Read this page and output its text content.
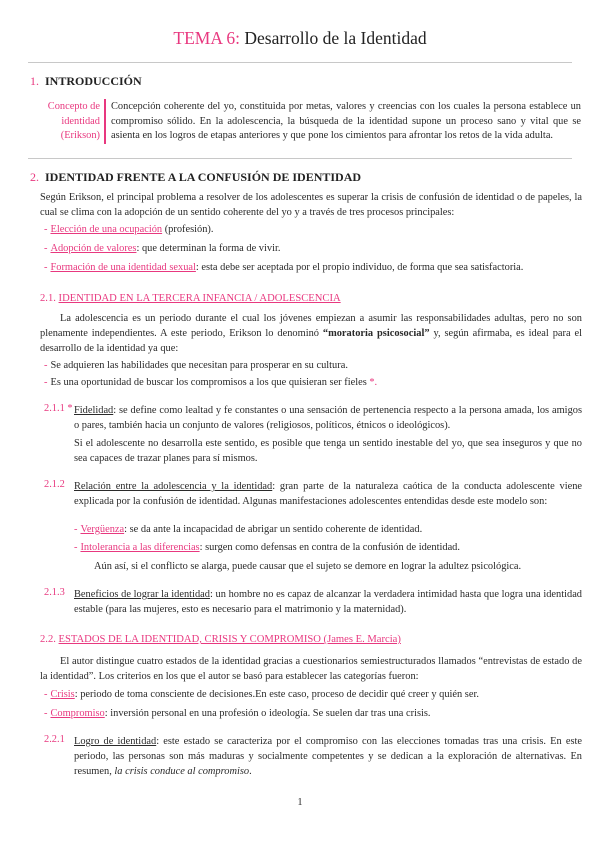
TEMA 6: Desarrollo de la Identidad
1. INTRODUCCIÓN
Concepto de
identidad
(Erikson)
Concepción coherente del yo, constituida por metas, valores y creencias con los cuales la persona establece un compromiso sólido. En la adolescencia, la búsqueda de la identidad supone un proceso sano y vital que se asienta en los logros de etapas anteriores y que pone los cimientos para afrontar los retos de la vida adulta.
2. IDENTIDAD FRENTE A LA CONFUSIÓN DE IDENTIDAD
Según Erikson, el principal problema a resolver de los adolescentes es superar la crisis de confusión de identidad o de papeles, la cual se clima con la adopción de un sentido coherente del yo y a través de tres procesos principales:
- Elección de una ocupación (profesión).
- Adopción de valores: que determinan la forma de vivir.
- Formación de una identidad sexual: esta debe ser aceptada por el propio individuo, de forma que sea satisfactoria.
2.1. IDENTIDAD EN LA TERCERA INFANCIA / ADOLESCENCIA
La adolescencia es un periodo durante el cual los jóvenes empiezan a asumir las responsabilidades adultas, pero no son plenamente independientes. A este periodo, Erikson lo denominó “moratoria psicosocial” y, según afirmaba, es ideal para el desarrollo de la identidad ya que:
- Se adquieren las habilidades que necesitan para prosperar en su cultura.
- Es una oportunidad de buscar los compromisos a los que quisieran ser fieles *.
2.1.1 * Fidelidad: se define como lealtad y fe constantes o una sensación de pertenencia respecto a la persona amada, los amigos o pares, también hacia un conjunto de valores (religiosos, políticos, étnicos o ideológicos).
Si el adolescente no desarrolla este sentido, es posible que tenga un sentido inestable del yo, que sea inseguros y que no sea capaces de trazar planes para sí mismos.
2.1.2 Relación entre la adolescencia y la identidad: gran parte de la naturaleza caótica de la conducta adolescente viene explicada por la confusión de identidad. Algunas manifestaciones adolescentes entendidas desde este modelo son:
- Vergüenza: se da ante la incapacidad de abrigar un sentido coherente de identidad.
- Intolerancia a las diferencias: surgen como defensas en contra de la confusión de identidad.
Aún así, si el conflicto se alarga, puede causar que el sujeto se demore en lograr la adultez psicológica.
2.1.3 Beneficios de lograr la identidad: un hombre no es capaz de alcanzar la verdadera intimidad hasta que logra una identidad estable (para las mujeres, esto es necesario para el matrimonio y la maternidad).
2.2. ESTADOS DE LA IDENTIDAD, CRISIS Y COMPROMISO (James E. Marcia)
El autor distingue cuatro estados de la identidad gracias a cuestionarios semiestructurados llamados “entrevistas de estado de la identidad”. Los criterios en los que el autor se basó para establecer las categorías fueron:
- Crisis: periodo de toma consciente de decisiones.En este caso, proceso de decidir qué creer y quién ser.
- Compromiso: inversión personal en una profesión o ideología. Se suelen dar tras una crisis.
2.2.1 Logro de identidad: este estado se caracteriza por el compromiso con las elecciones tomadas tras una crisis. En este periodo, las personas son más maduras y socialmente competentes y se dedican a la exploración de alternativas. En resumen, la crisis conduce al compromiso.
1
